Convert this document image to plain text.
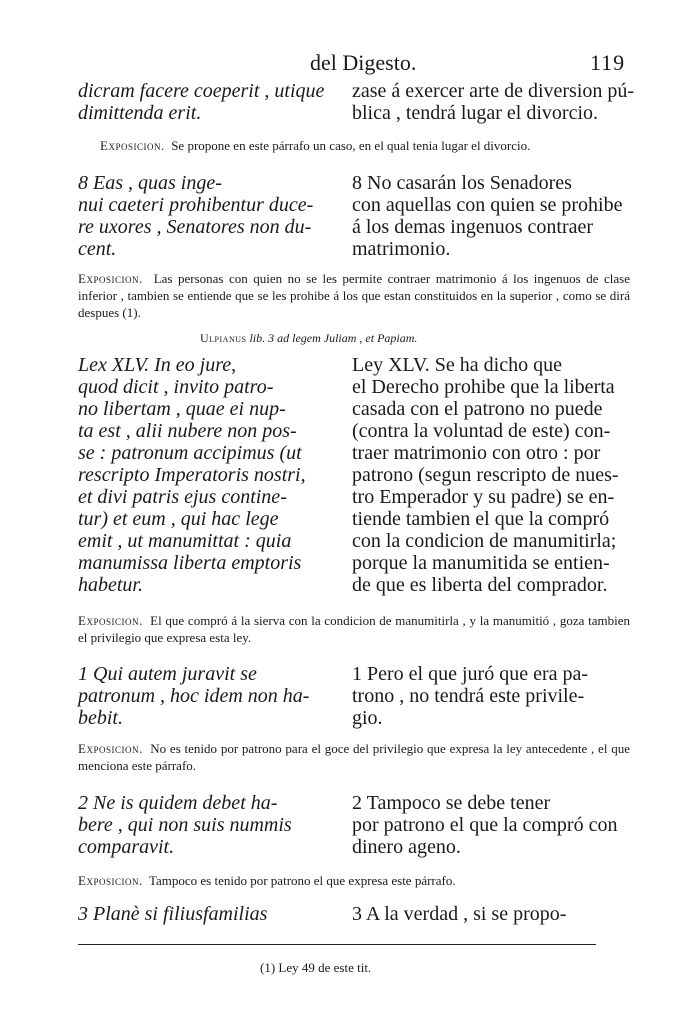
del Digesto.	119
dicram facere coeperit , utique
dimittenda erit.
zase á exercer arte de diversion pú-
blica , tendrá lugar el divorcio.
Exposicion. Se propone en este párrafo un caso, en el qual tenia lugar el divorcio.
8 Eas , quas inge-
nui caeteri prohibentur duce-
re uxores , Senatores non du-
cent.
8 No casarán los Senadores
con aquellas con quien se prohibe
á los demas ingenuos contraer
matrimonio.
Exposicion. Las personas con quien no se les permite contraer matrimonio á los ingenuos de clase inferior , tambien se entiende que se les prohibe á los que estan constituidos en la superior , como se dirá despues (1).
Ulpianus lib. 3 ad legem Juliam , et Papiam.
Lex XLV. In eo jure,
quod dicit , invito patro-
no libertam , quae ei nup-
ta est , alii nubere non pos-
se : patronum accipimus (ut
rescripto Imperatoris nostri,
et divi patris ejus contine-
tur) et eum , qui hac lege
emit , ut manumittat : quia
manumissa liberta emptoris
habetur.
Ley XLV. Se ha dicho que
el Derecho prohibe que la liberta
casada con el patrono no puede
(contra la voluntad de este) con-
traer matrimonio con otro : por
patrono (segun rescripto de nues-
tro Emperador y su padre) se en-
tiende tambien el que la compró
con la condicion de manumitirla;
porque la manumitida se entien-
de que es liberta del comprador.
Exposicion. El que compró á la sierva con la condicion de manumitirla , y la manumitió , goza tambien el privilegio que expresa esta ley.
1 Qui autem juravit se
patronum , hoc idem non ha-
bebit.
1 Pero el que juró que era pa-
trono , no tendrá este privile-
gio.
Exposicion. No es tenido por patrono para el goce del privilegio que expresa la ley antecedente , el que menciona este párrafo.
2 Ne is quidem debet ha-
bere , qui non suis nummis
comparavit.
2 Tampoco se debe tener
por patrono el que la compró con
dinero ageno.
Exposicion. Tampoco es tenido por patrono el que expresa este párrafo.
3 Planè si filiusfamilias	3 A la verdad , si se propo-
(1) Ley 49 de este tit.
